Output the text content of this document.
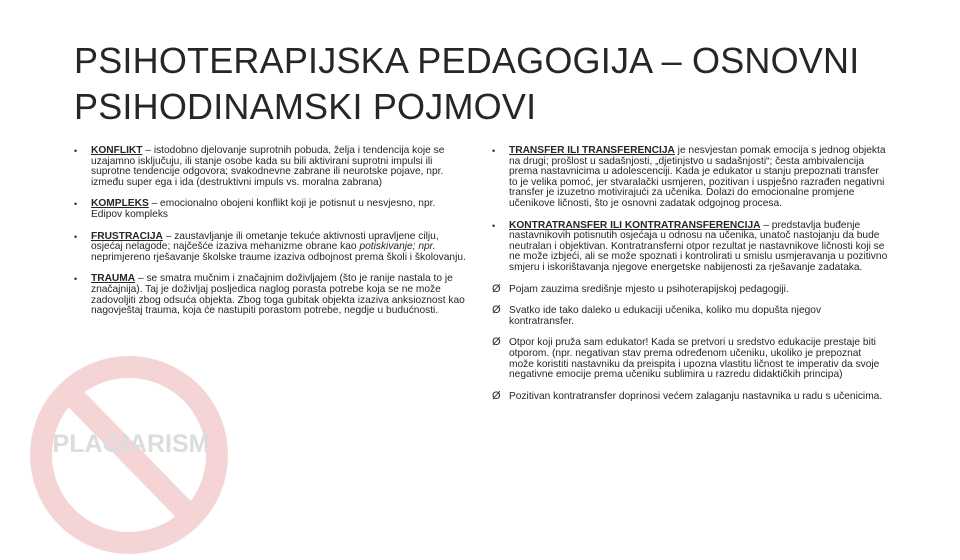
PLAGIARISM
PSIHOTERAPIJSKA PEDAGOGIJA – OSNOVNI PSIHODINAMSKI POJMOVI
• KONFLIKT – istodobno djelovanje suprotnih pobuda, želja i tendencija koje se uzajamno isključuju, ili stanje osobe kada su bili aktivirani suprotni impulsi ili suprotne tendencije odgovora; svakodnevne zabrane ili neurotske pojave, npr. između super ega i ida (destruktivni impuls vs. moralna zabrana)
• KOMPLEKS – emocionalno obojeni konflikt koji je potisnut u nesvjesno, npr. Edipov kompleks
• FRUSTRACIJA – zaustavljanje ili ometanje tekuće aktivnosti upravljene cilju, osjećaj nelagode; najčešće izaziva mehanizme obrane kao potiskivanje; npr. neprimjereno rješavanje školske traume izaziva odbojnost prema školi i školovanju.
• TRAUMA – se smatra mučnim i značajnim doživljajem (što je ranije nastala to je značajnija). Taj je doživljaj posljedica naglog porasta potrebe koja se ne može zadovoljiti zbog odsuća objekta. Zbog toga gubitak objekta izaziva anksioznost kao nagovještaj trauma, koja će nastupiti porastom potrebe, negdje u budućnosti.
• TRANSFER ILI TRANSFERENCIJA je nesvjestan pomak emocija s jednog objekta na drugi; prošlost u sadašnjosti, „djetinjstvo u sadašnjosti“; česta ambivalencija prema nastavnicima u adolescenciji. Kada je edukator u stanju prepoznati transfer to je velika pomoć, jer stvaralački usmjeren, pozitivan i uspješno razrađen negativni transfer je izuzetno motivirajući za učenika. Dolazi do emocionalne promjene učenikove ličnosti, što je osnovni zadatak odgojnog procesa.
• KONTRATRANSFER ILI KONTRATRANSFERENCIJA – predstavlja buđenje nastavnikovih potisnutih osjećaja u odnosu na učenika, unatoč nastojanju da bude neutralan i objektivan. Kontratransferni otpor rezultat je nastavnikove ličnosti koji se ne može izbjeći, ali se može spoznati i kontrolirati u smislu usmjeravanja u pozitivno smjeru i iskorištavanja njegove energetske nabijenosti za rješavanje zadataka.
Ø Pojam zauzima središnje mjesto u psihoterapijskoj pedagogiji.
Ø Svatko ide tako daleko u edukaciji učenika, koliko mu dopušta njegov kontratransfer.
Ø Otpor koji pruža sam edukator! Kada se pretvori u sredstvo edukacije prestaje biti otporom. (npr. negativan stav prema određenom učeniku, ukoliko je prepoznat može koristiti nastavniku da preispita i upozna vlastitu ličnost te imperativ da svoje negativne emocije prema učeniku sublimira u razredu didaktičkih principa)
Ø Pozitivan kontratransfer doprinosi većem zalaganju nastavnika u radu s učenicima.
